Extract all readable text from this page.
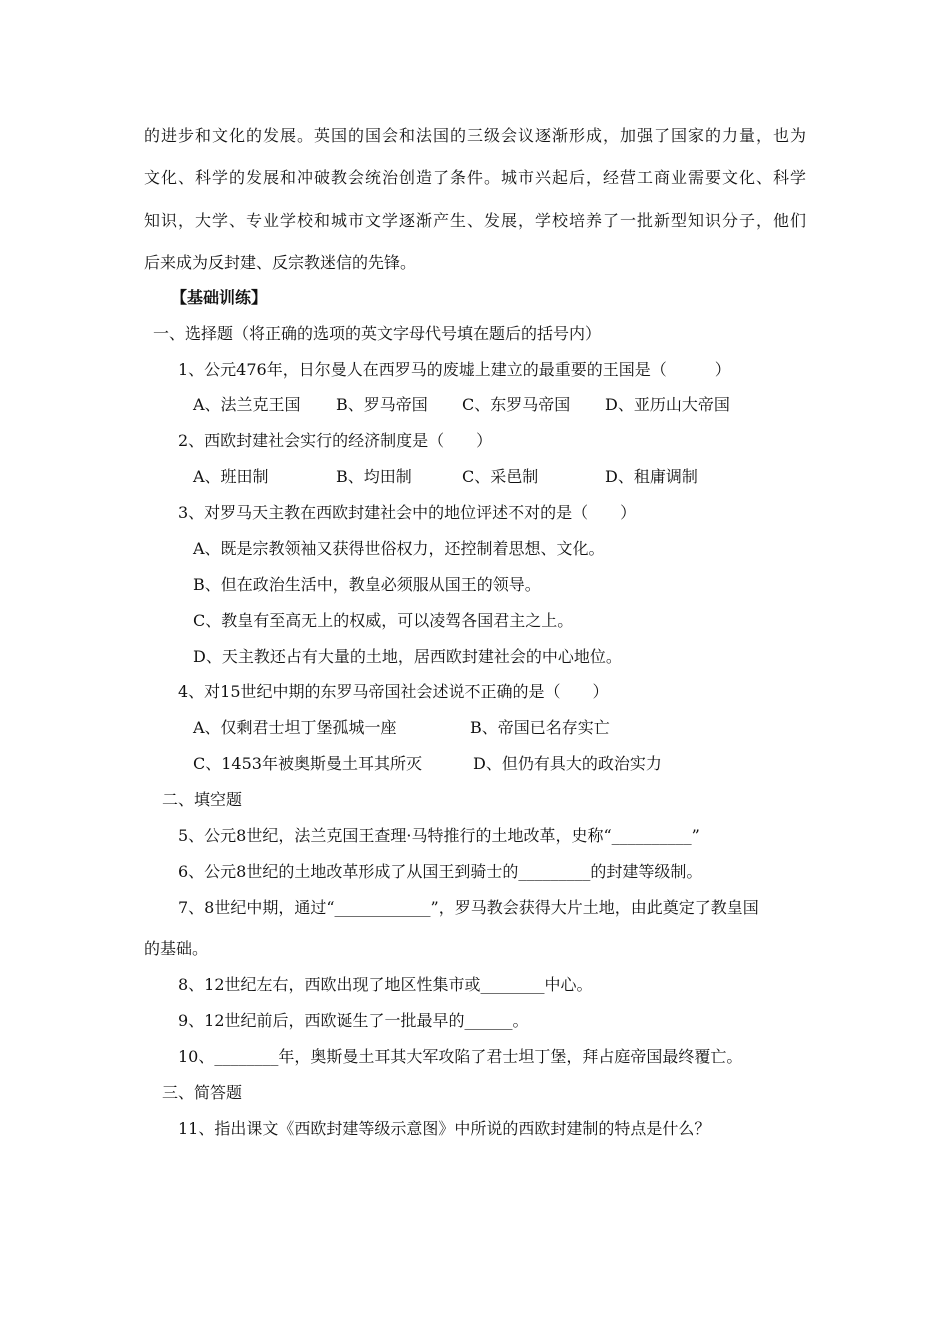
的进步和文化的发展。英国的国会和法国的三级会议逐渐形成，加强了国家的力量，也为
文化、科学的发展和冲破教会统治创造了条件。城市兴起后，经营工商业需要文化、科学
知识，大学、专业学校和城市文学逐渐产生、发展，学校培养了一批新型知识分子，他们
后来成为反封建、反宗教迷信的先锋。
【基础训练】
一、选择题（将正确的选项的英文字母代号填在题后的括号内）
1、公元476年，日尔曼人在西罗马的废墟上建立的最重要的王国是（　　　）
A、法兰克王国 B、罗马帝国 C、东罗马帝国 D、亚历山大帝国
2、西欧封建社会实行的经济制度是（　　）
A、班田制	B、均田制	C、采邑制	D、租庸调制
3、对罗马天主教在西欧封建社会中的地位评述不对的是（　　）
A、既是宗教领袖又获得世俗权力，还控制着思想、文化。
B、但在政治生活中，教皇必须服从国王的领导。
C、教皇有至高无上的权威，可以凌驾各国君主之上。
D、天主教还占有大量的土地，居西欧封建社会的中心地位。
4、对15世纪中期的东罗马帝国社会述说不正确的是（　　）
A、仅剩君士坦丁堡孤城一座	B、帝国已名存实亡
C、1453年被奥斯曼土耳其所灭	D、但仍有具大的政治实力
二、填空题
5、公元8世纪，法兰克国王查理·马特推行的土地改革，史称“__________”
6、公元8世纪的土地改革形成了从国王到骑士的_________的封建等级制。
7、8世纪中期，通过“____________”，罗马教会获得大片土地，由此奠定了教皇国
的基础。
8、12世纪左右，西欧出现了地区性集市或________中心。
9、12世纪前后，西欧诞生了一批最早的______。
10、________年，奥斯曼土耳其大军攻陷了君士坦丁堡，拜占庭帝国最终覆亡。
三、简答题
11、指出课文《西欧封建等级示意图》中所说的西欧封建制的特点是什么？
